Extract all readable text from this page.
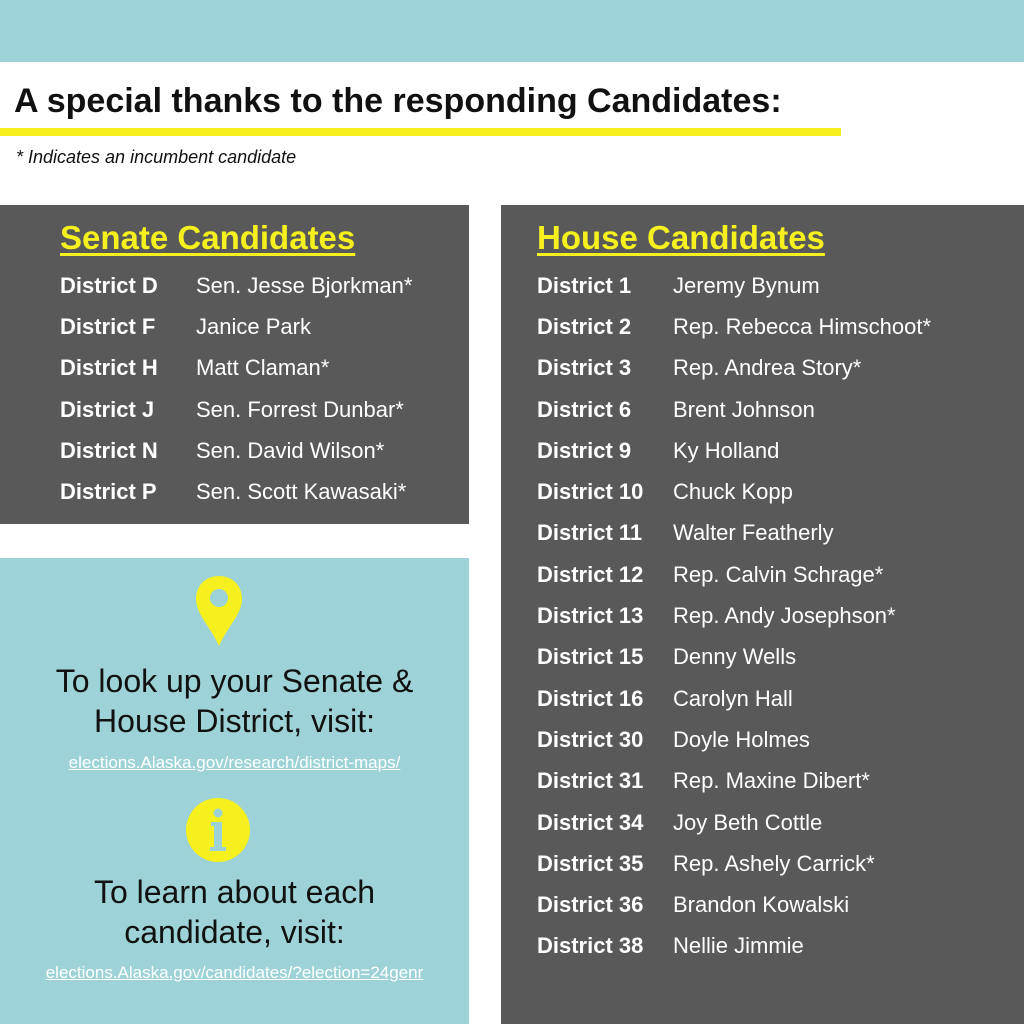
A special thanks to the responding Candidates:
* Indicates an incumbent candidate
Senate Candidates
District D	Sen. Jesse Bjorkman*
District F	Janice Park
District H	Matt Claman*
District J	Sen. Forrest Dunbar*
District N	Sen. David Wilson*
District P	Sen. Scott Kawasaki*
House Candidates
District 1	Jeremy Bynum
District 2	Rep. Rebecca Himschoot*
District 3	Rep. Andrea Story*
District 6	Brent Johnson
District 9	Ky Holland
District 10	Chuck Kopp
District 11	Walter Featherly
District 12	Rep. Calvin Schrage*
District 13	Rep. Andy Josephson*
District 15	Denny Wells
District 16	Carolyn Hall
District 30	Doyle Holmes
District 31	Rep. Maxine Dibert*
District 34	Joy Beth Cottle
District 35	Rep. Ashely Carrick*
District 36	Brandon Kowalski
District 38	Nellie Jimmie
To look up your Senate &
House District, visit:
elections.Alaska.gov/research/district-maps/
To learn about each
candidate, visit:
elections.Alaska.gov/candidates/?election=24genr
